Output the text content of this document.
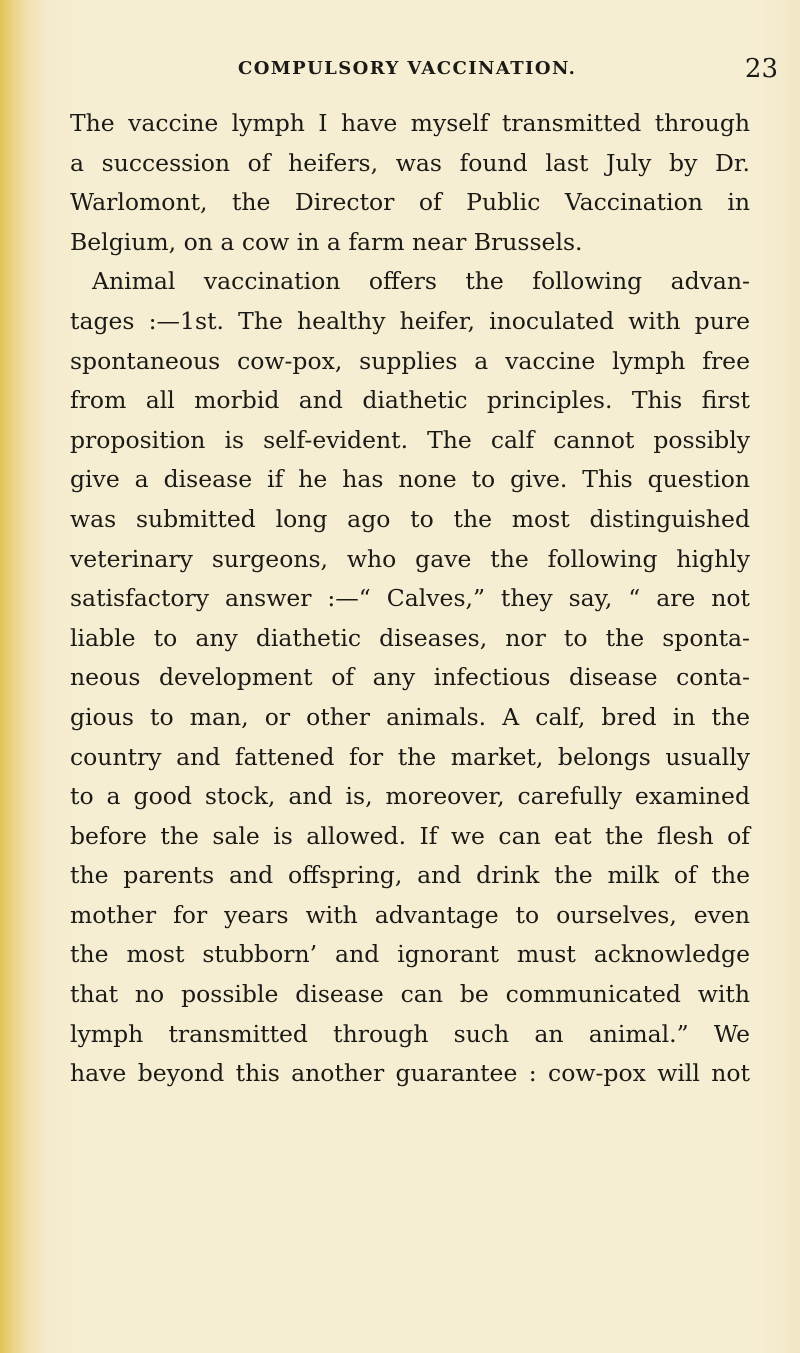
COMPULSORY VACCINATION.	23
The vaccine lymph I have myself transmitted through
a succession of heifers, was found last July by Dr.
Warlomont, the Director of Public Vaccination in
Belgium, on a cow in a farm near Brussels.
Animal vaccination offers the following advan-
tages :—1st. The healthy heifer, inoculated with pure
spontaneous cow-pox, supplies a vaccine lymph free
from all morbid and diathetic principles. This first
proposition is self-evident. The calf cannot possibly
give a disease if he has none to give. This question
was submitted long ago to the most distinguished
veterinary surgeons, who gave the following highly
satisfactory answer :—“ Calves,” they say, “ are not
liable to any diathetic diseases, nor to the sponta-
neous development of any infectious disease conta-
gious to man, or other animals. A calf, bred in the
country and fattened for the market, belongs usually
to a good stock, and is, moreover, carefully examined
before the sale is allowed. If we can eat the flesh of
the parents and offspring, and drink the milk of the
mother for years with advantage to ourselves, even
the most stubborn’ and ignorant must acknowledge
that no possible disease can be communicated with
lymph transmitted through such an animal.” We
have beyond this another guarantee : cow-pox will not
